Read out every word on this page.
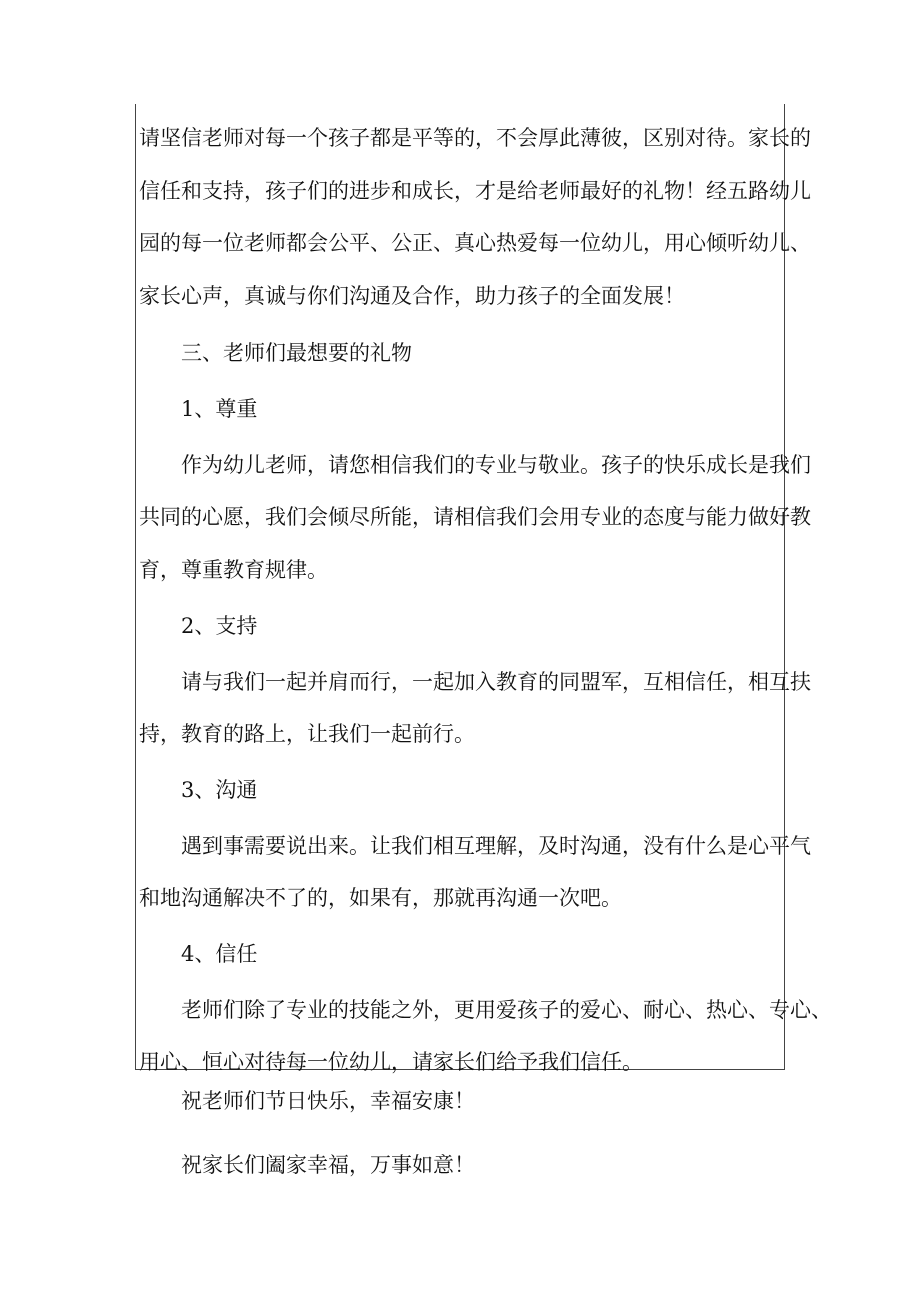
请坚信老师对每一个孩子都是平等的，不会厚此薄彼，区别对待。家长的
信任和支持，孩子们的进步和成长，才是给老师最好的礼物！经五路幼儿
园的每一位老师都会公平、公正、真心热爱每一位幼儿，用心倾听幼儿、
家长心声，真诚与你们沟通及合作，助力孩子的全面发展！
三、老师们最想要的礼物
1、尊重
作为幼儿老师，请您相信我们的专业与敬业。孩子的快乐成长是我们
共同的心愿，我们会倾尽所能，请相信我们会用专业的态度与能力做好教
育，尊重教育规律。
2、支持
请与我们一起并肩而行，一起加入教育的同盟军，互相信任，相互扶
持，教育的路上，让我们一起前行。
3、沟通
遇到事需要说出来。让我们相互理解，及时沟通，没有什么是心平气
和地沟通解决不了的，如果有，那就再沟通一次吧。
4、信任
老师们除了专业的技能之外，更用爱孩子的爱心、耐心、热心、专心、
用心、恒心对待每一位幼儿，请家长们给予我们信任。
祝老师们节日快乐，幸福安康！
祝家长们阖家幸福，万事如意！
